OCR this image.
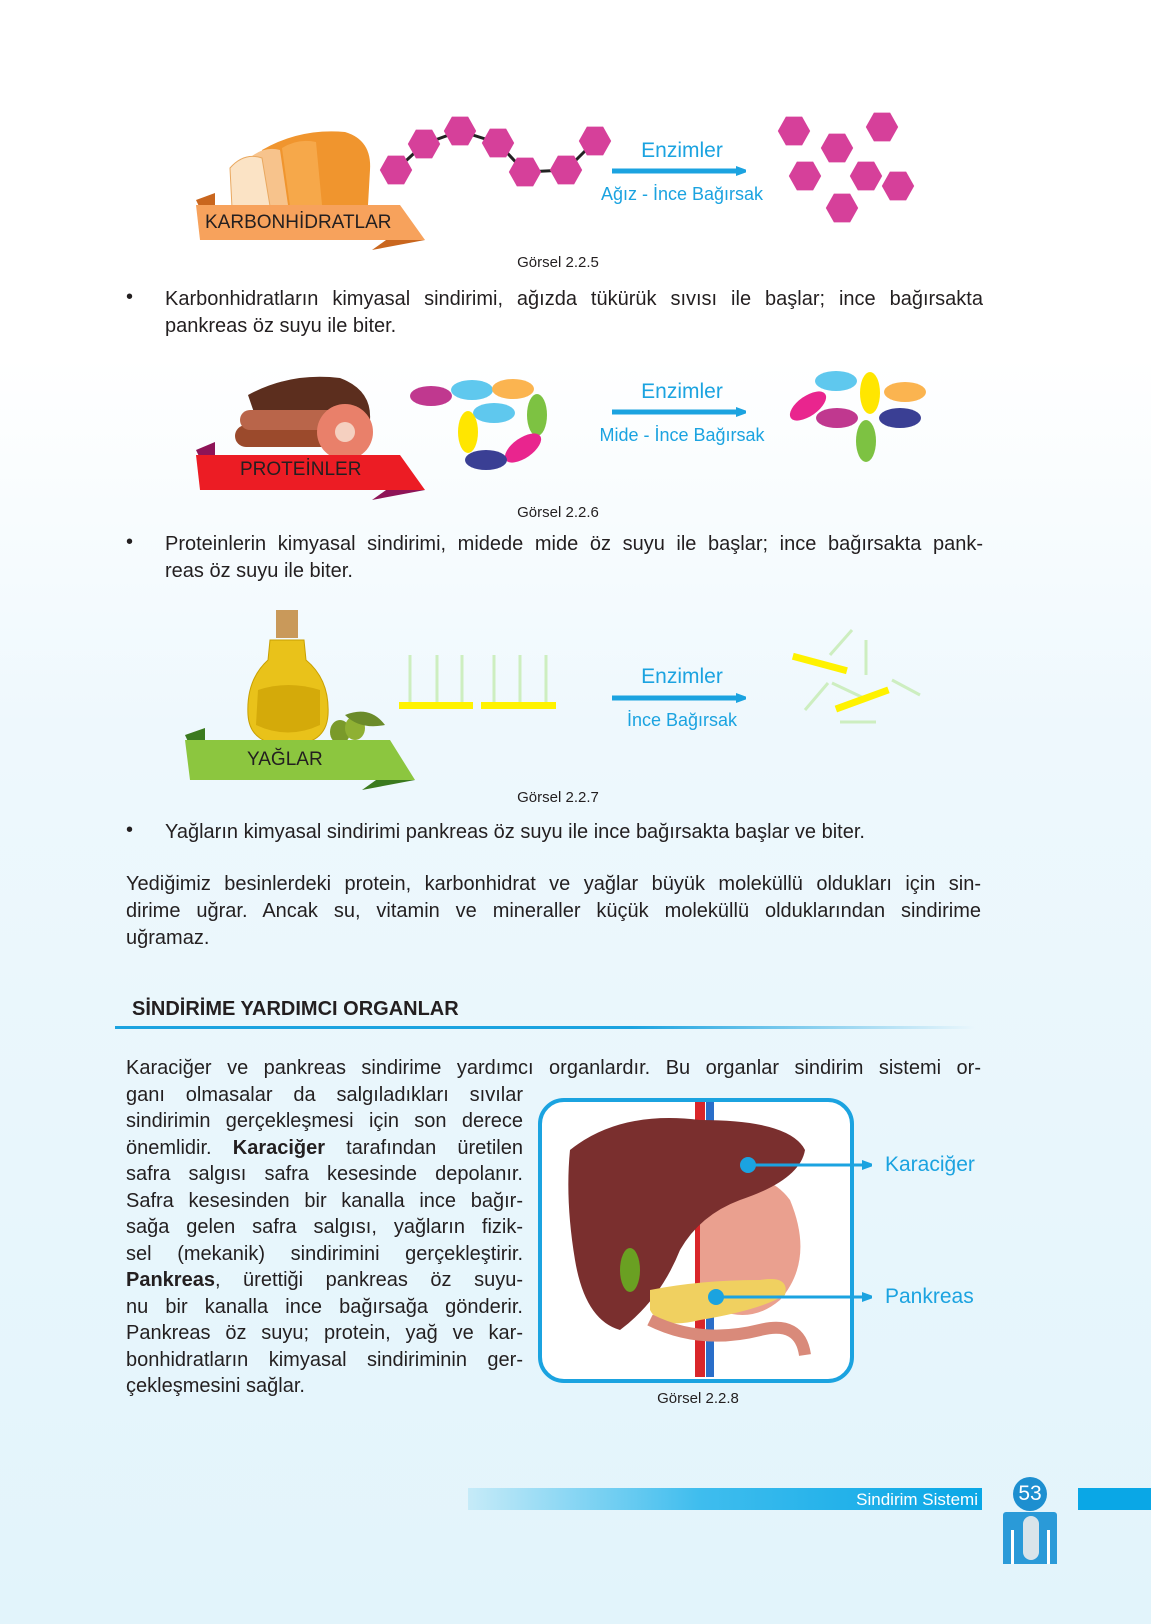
KARBONHİDRATLAR
Enzimler
Ağız - İnce Bağırsak
Görsel 2.2.5
• Karbonhidratların kimyasal sindirimi, ağızda tükürük sıvısı ile başlar; ince bağırsakta
pankreas öz suyu ile biter.
PROTEİNLER
Enzimler
Mide - İnce Bağırsak
Görsel 2.2.6
• Proteinlerin kimyasal sindirimi, midede mide öz suyu ile başlar; ince bağırsakta pank-
reas öz suyu ile biter.
YAĞLAR
Enzimler
İnce Bağırsak
Görsel 2.2.7
• Yağların kimyasal sindirimi pankreas öz suyu ile ince bağırsakta başlar ve biter.
Yediğimiz besinlerdeki protein, karbonhidrat ve yağlar büyük moleküllü oldukları için sin-
dirime uğrar. Ancak su, vitamin ve mineraller küçük moleküllü olduklarından sindirime
uğramaz.
SİNDİRİME YARDIMCI ORGANLAR
Karaciğer ve pankreas sindirime yardımcı organlardır. Bu organlar sindirim sistemi or-
ganı olmasalar da salgıladıkları sıvılar
sindirimin gerçekleşmesi için son derece
önemlidir. Karaciğer tarafından üretilen
safra salgısı safra kesesinde depolanır.
Safra kesesinden bir kanalla ince bağır-
sağa gelen safra salgısı, yağların fizik-
sel (mekanik) sindirimini gerçekleştirir.
Pankreas, ürettiği pankreas öz suyu-
nu bir kanalla ince bağırsağa gönderir.
Pankreas öz suyu; protein, yağ ve kar-
bonhidratların kimyasal sindiriminin ger-
çekleşmesini sağlar.
Karaciğer
Pankreas
Görsel 2.2.8
Sindirim Sistemi 53
